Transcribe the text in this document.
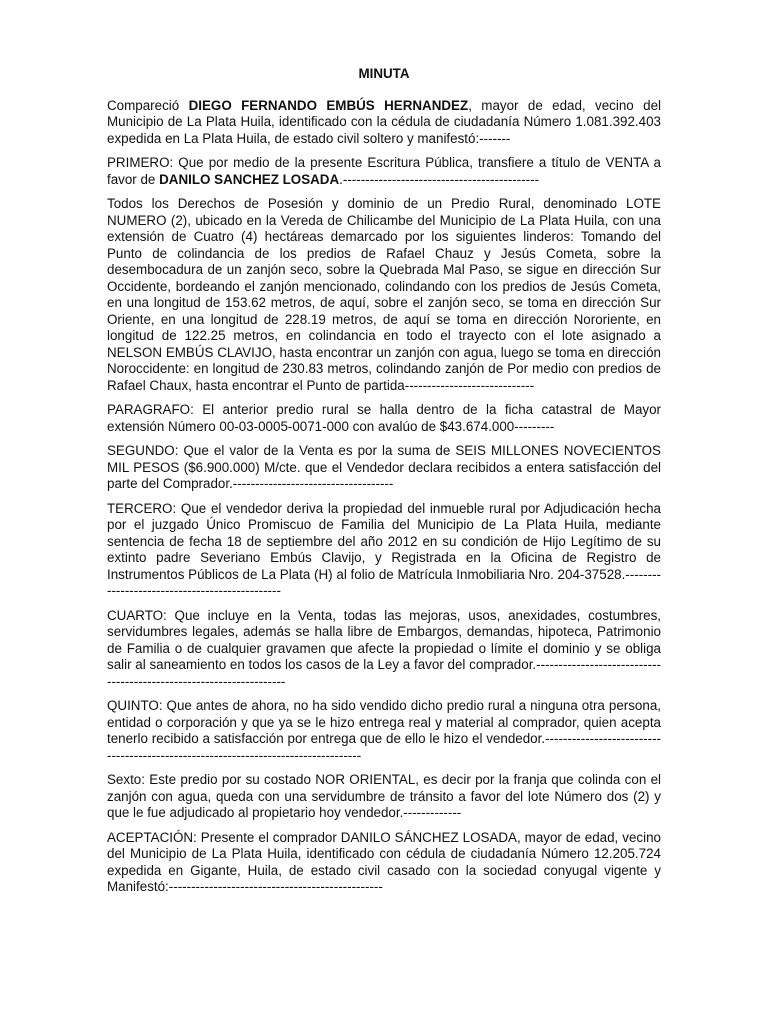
MINUTA

Compareció DIEGO FERNANDO EMBÚS HERNANDEZ, mayor de edad, vecino del Municipio de La Plata Huila, identificado con la cédula de ciudadanía Número 1.081.392.403 expedida en La Plata Huila, de estado civil soltero y manifestó:-------

PRIMERO: Que por medio de la presente Escritura Pública, transfiere a título de VENTA a favor de DANILO SANCHEZ LOSADA.--------------------------------------------

Todos los Derechos de Posesión y dominio de un Predio Rural, denominado LOTE NUMERO (2), ubicado en la Vereda de Chilicambe del Municipio de La Plata Huila, con una extensión de Cuatro (4) hectáreas demarcado por los siguientes linderos: Tomando del Punto de colindancia de los predios de Rafael Chauz y Jesús Cometa, sobre la desembocadura de un zanjón seco, sobre la Quebrada Mal Paso, se sigue en dirección Sur Occidente, bordeando el zanjón mencionado, colindando con los predios de Jesús Cometa, en una longitud de 153.62 metros, de aquí, sobre el zanjón seco, se toma en dirección Sur Oriente, en una longitud de 228.19 metros, de aquí se toma en dirección Nororiente, en longitud de 122.25 metros, en colindancia en todo el trayecto con el lote asignado a NELSON EMBÚS CLAVIJO, hasta encontrar un zanjón con agua, luego se toma en dirección Noroccidente: en longitud de 230.83 metros, colindando zanjón de Por medio con predios de Rafael Chaux, hasta encontrar el Punto de partida-----------------------------

PARAGRAFO: El anterior predio rural se halla dentro de la ficha catastral de Mayor extensión Número 00-03-0005-0071-000 con avalúo de $43.674.000---------

SEGUNDO: Que el valor de la Venta es por la suma de SEIS MILLONES NOVECIENTOS MIL PESOS ($6.900.000) M/cte. que el Vendedor declara recibidos a entera satisfacción del parte del Comprador.------------------------------------

TERCERO: Que el vendedor deriva la propiedad del inmueble rural por Adjudicación hecha por el juzgado Único Promiscuo de Familia del Municipio de La Plata Huila, mediante sentencia de fecha 18 de septiembre del año 2012 en su condición de Hijo Legítimo de su extinto padre Severiano Embús Clavijo, y Registrada en la Oficina de Registro de Instrumentos Públicos de La Plata (H) al folio de Matrícula Inmobiliaria Nro. 204-37528.-----------------------------------------------

CUARTO: Que incluye en la Venta, todas las mejoras, usos, anexidades, costumbres, servidumbres legales, además se halla libre de Embargos, demandas, hipoteca, Patrimonio de Familia o de cualquier gravamen que afecte la propiedad o límite el dominio y se obliga salir al saneamiento en todos los casos de la Ley a favor del comprador.--------------------------------------------------------------------

QUINTO: Que antes de ahora, no ha sido vendido dicho predio rural a ninguna otra persona, entidad o corporación y que ya se le hizo entrega real y material al comprador, quien acepta tenerlo recibido a satisfacción por entrega que de ello le hizo el vendedor.-----------------------------------------------------------------------------------

Sexto: Este predio por su costado NOR ORIENTAL, es decir por la franja que colinda con el zanjón con agua, queda con una servidumbre de tránsito a favor del lote Número dos (2) y que le fue adjudicado al propietario hoy vendedor.-------------

ACEPTACIÓN: Presente el comprador DANILO SÁNCHEZ LOSADA, mayor de edad, vecino del Municipio de La Plata Huila, identificado con cédula de ciudadanía Número 12.205.724 expedida en Gigante, Huila, de estado civil casado con la sociedad conyugal vigente y Manifestó:------------------------------------------------
